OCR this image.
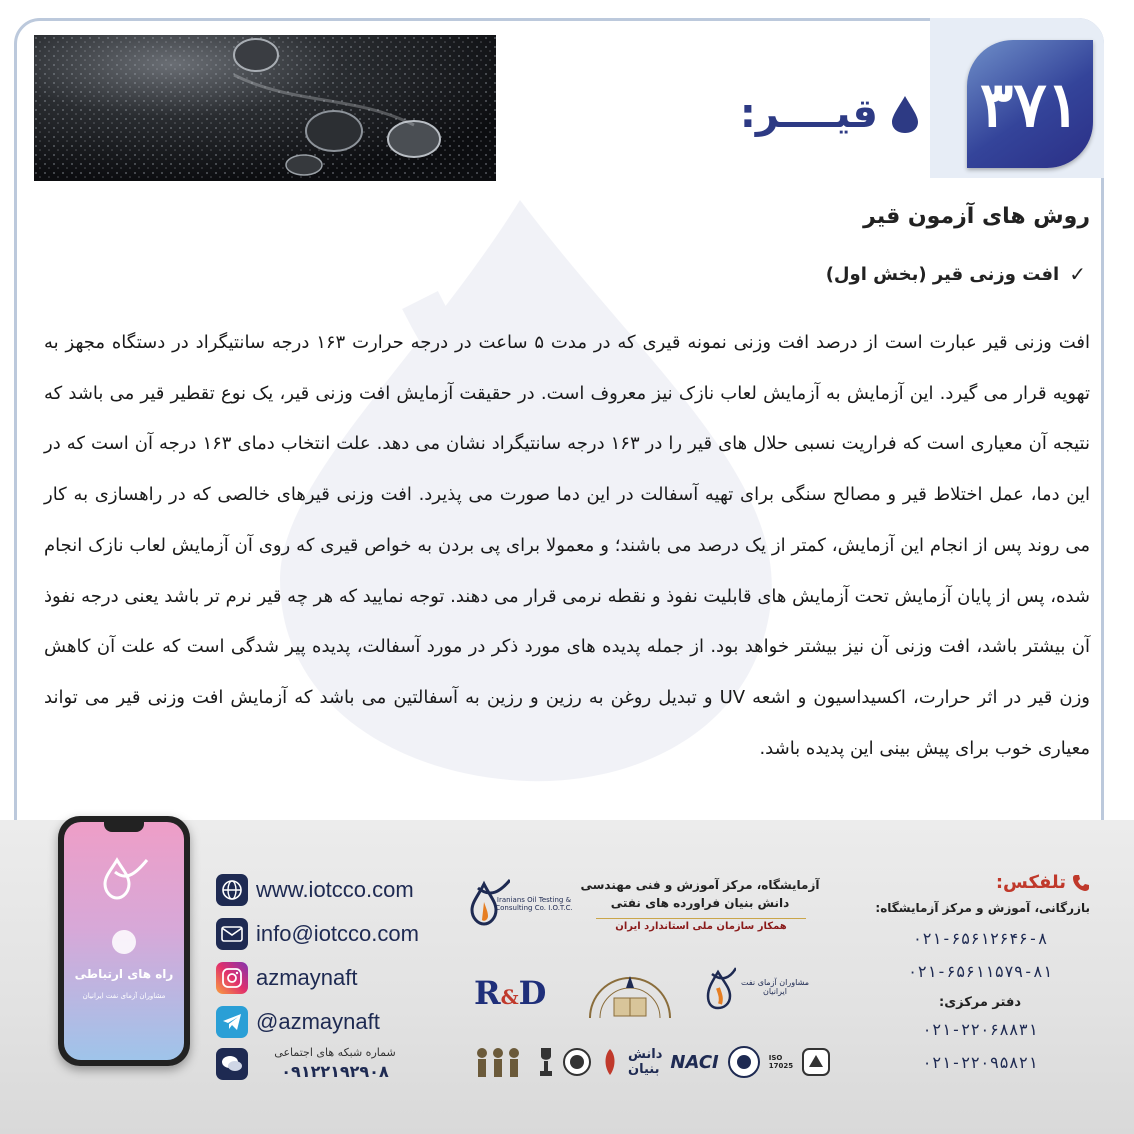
۳۷۱
قیــــر:
روش های آزمون قیر
✓
افت وزنی قیر (بخش اول)

افت وزنی قیر عبارت است از درصد افت وزنی نمونه قیری که در مدت ۵ ساعت در درجه حرارت ۱۶۳ درجه سانتیگراد در دستگاه مجهز به تهویه قرار می گیرد. این آزمایش به آزمایش لعاب نازک نیز معروف است. در حقیقت آزمایش افت وزنی قیر، یک نوع تقطیر قیر می باشد که نتیجه آن معیاری است که فراریت نسبی حلال های قیر را در ۱۶۳ درجه سانتیگراد نشان می دهد. علت انتخاب دمای ۱۶۳ درجه آن است که در این دما، عمل اختلاط قیر و مصالح سنگی برای تهیه آسفالت در این دما صورت می پذیرد. افت وزنی قیرهای خالصی که در راهسازی به کار می روند پس از انجام این آزمایش، کمتر از یک درصد می باشند؛ و معمولا برای پی بردن به خواص قیری که روی آن آزمایش لعاب نازک انجام شده، پس از پایان آزمایش تحت آزمایش های قابلیت نفوذ و نقطه نرمی قرار می دهند. توجه نمایید که هر چه قیر نرم تر باشد یعنی درجه نفوذ آن بیشتر باشد، افت وزنی آن نیز بیشتر خواهد بود. از جمله پدیده های مورد ذکر در مورد آسفالت، پدیده پیر شدگی است که علت آن کاهش وزن قیر در اثر حرارت، اکسیداسیون و اشعه UV و تبدیل روغن به رزین و رزین به آسفالتین می باشد که آزمایش افت وزنی قیر می تواند معیاری خوب برای پیش بینی این پدیده باشد.

راه های ارتباطی
مشاوران آزمای نفت ایرانیان
www.iotcco.com
info@iotcco.com
azmaynaft
@azmaynaft
شماره شبکه های اجتماعی
۰۹۱۲۲۱۹۲۹۰۸
Iranians Oil Testing & Consulting Co. I.O.T.C.
آزمایشگاه، مرکز آموزش و فنی مهندسی
دانش بنیان فراورده های نفتی
همکار سازمان ملی استاندارد ایران
R&D	مشاوران آزمای نفت ایرانیان
دانش بنیان NACI	ISO 17025
تلفکس:
بازرگانی، آموزش و مرکز آزمایشگاه:
۰۲۱-۶۵۶۱۲۶۴۶-۸
۰۲۱-۶۵۶۱۱۵۷۹-۸۱
دفتر مرکزی:
۰۲۱-۲۲۰۶۸۸۳۱
۰۲۱-۲۲۰۹۵۸۲۱
